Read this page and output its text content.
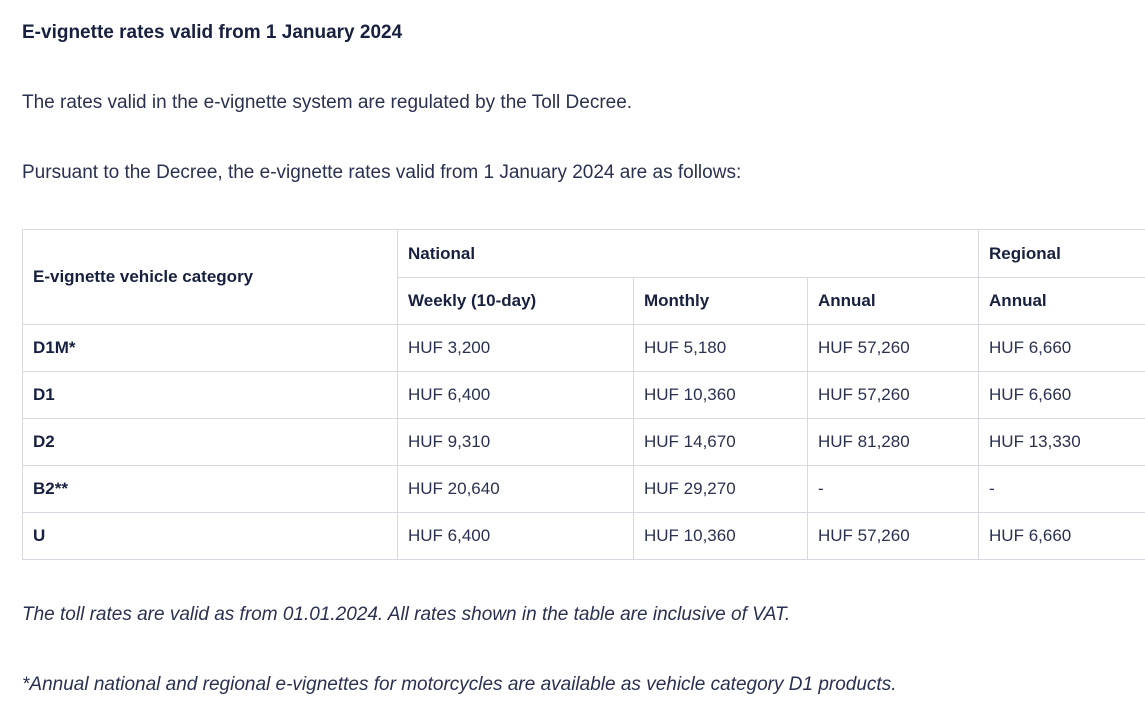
E-vignette rates valid from 1 January 2024

The rates valid in the e-vignette system are regulated by the Toll Decree.

Pursuant to the Decree, the e-vignette rates valid from 1 January 2024 are as follows:

E-vignette vehicle category	National			Regional
	Weekly (10-day)	Monthly	Annual	Annual
D1M*	HUF 3,200	HUF 5,180	HUF 57,260	HUF 6,660
D1	HUF 6,400	HUF 10,360	HUF 57,260	HUF 6,660
D2	HUF 9,310	HUF 14,670	HUF 81,280	HUF 13,330
B2**	HUF 20,640	HUF 29,270	-	-
U	HUF 6,400	HUF 10,360	HUF 57,260	HUF 6,660

The toll rates are valid as from 01.01.2024. All rates shown in the table are inclusive of VAT.

*Annual national and regional e-vignettes for motorcycles are available as vehicle category D1 products.
